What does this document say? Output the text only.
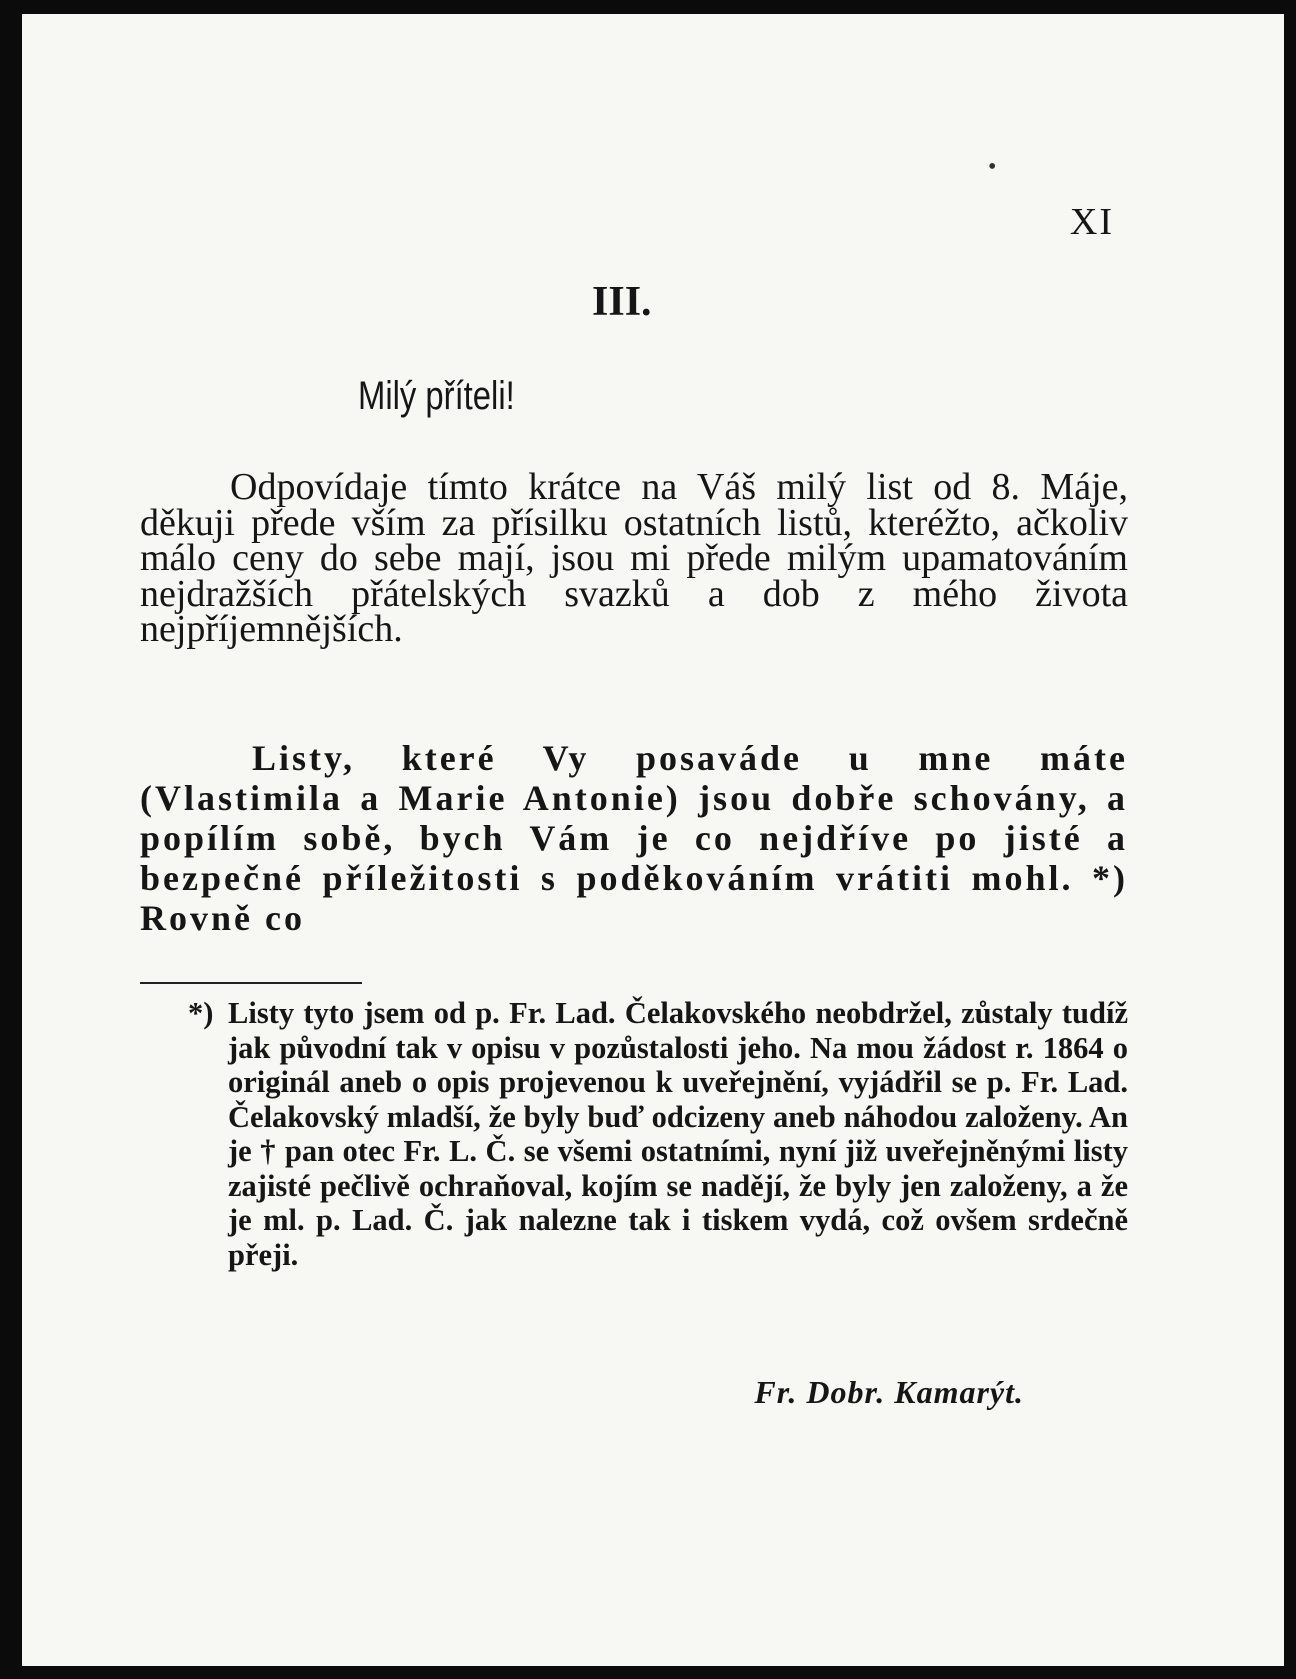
XI
III.
Milý příteli!

Odpovídaje tímto krátce na Váš milý list od 8. Máje, děkuji přede vším za přísilku ostatních listů, kteréžto, ačkoliv málo ceny do sebe mají, jsou mi přede milým upamatováním nejdražších přátelských svazků a dob z mého života nejpříjemnějších.

Listy, které Vy posaváde u mne máte (Vlastimila a Marie Antonie) jsou dobře schovány, a popílím sobě, bych Vám je co nejdříve po jisté a bezpečné příležitosti s poděkováním vrátiti mohl. *) Rovně co
*) Listy tyto jsem od p. Fr. Lad. Čelakovského neobdržel, zůstaly tudíž jak původní tak v opisu v pozůstalosti jeho. Na mou žádost r. 1864 o originál aneb o opis projevenou k uveřejnění, vyjádřil se p. Fr. Lad. Čelakovský mladší, že byly buď odcizeny aneb náhodou založeny. An je † pan otec Fr. L. Č. se všemi ostatními, nyní již uveřejněnými listy zajisté pečlivě ochraňoval, kojím se nadějí, že byly jen založeny, a že je ml. p. Lad. Č. jak nalezne tak i tiskem vydá, což ovšem srdečně přeji.
Fr. Dobr. Kamarýt.
•
